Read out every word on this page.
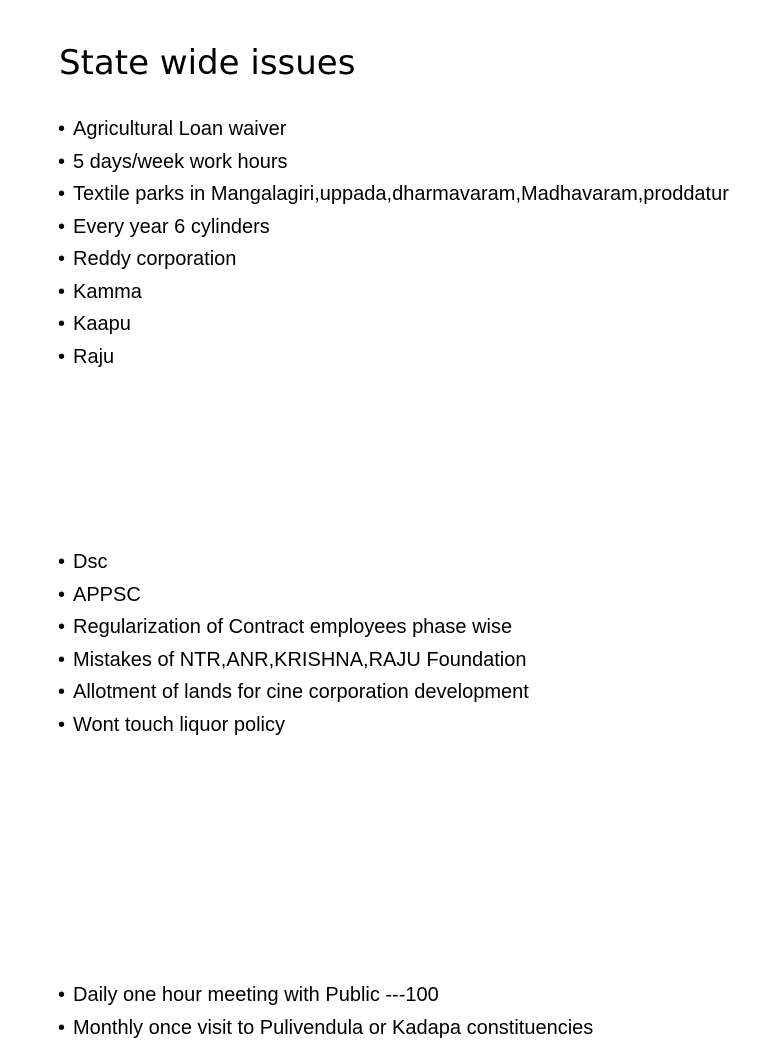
State wide issues
• Agricultural Loan waiver
• 5 days/week work hours
• Textile parks in Mangalagiri,uppada,dharmavaram,Madhavaram,proddatur
• Every year 6 cylinders
• Reddy corporation
• Kamma
• Kaapu
• Raju
• Dsc
• APPSC
• Regularization of Contract employees phase wise
• Mistakes of NTR,ANR,KRISHNA,RAJU Foundation
• Allotment of lands for cine corporation development
• Wont touch liquor policy
• Daily one hour meeting with Public ---100
• Monthly once visit to Pulivendula or Kadapa constituencies
